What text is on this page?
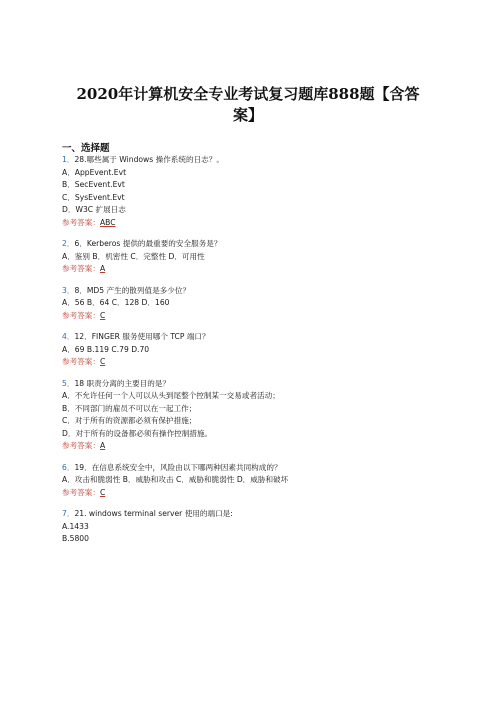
2020年计算机安全专业考试复习题库888题【含答
案】
一、选择题
1．28.哪些属于 Windows 操作系统的日志？。
A．AppEvent.Evt
B．SecEvent.Evt
C．SysEvent.Evt
D．W3C 扩展日志
参考答案：ABC
2．6．Kerberos 提供的最重要的安全服务是？
A．鉴别 B．机密性 C．完整性 D．可用性
参考答案：A
3．8．MD5 产生的散列值是多少位？
A．56 B．64 C．128 D．160
参考答案：C
4．12．FINGER 服务使用哪个 TCP 端口？
A．69 B.119 C.79 D.70
参考答案：C
5．18 职责分离的主要目的是？
A．不允许任何一个人可以从头到尾整个控制某一交易或者活动；
B．不同部门的雇员不可以在一起工作；
C．对于所有的资源都必须有保护措施；
D．对于所有的设备都必须有操作控制措施。
参考答案：A
6．19．在信息系统安全中，风险由以下哪两种因素共同构成的？
A．攻击和脆弱性 B．威胁和攻击 C．威胁和脆弱性 D．威胁和破坏
参考答案：C
7．21. windows terminal server 使用的端口是:
A.1433
B.5800
